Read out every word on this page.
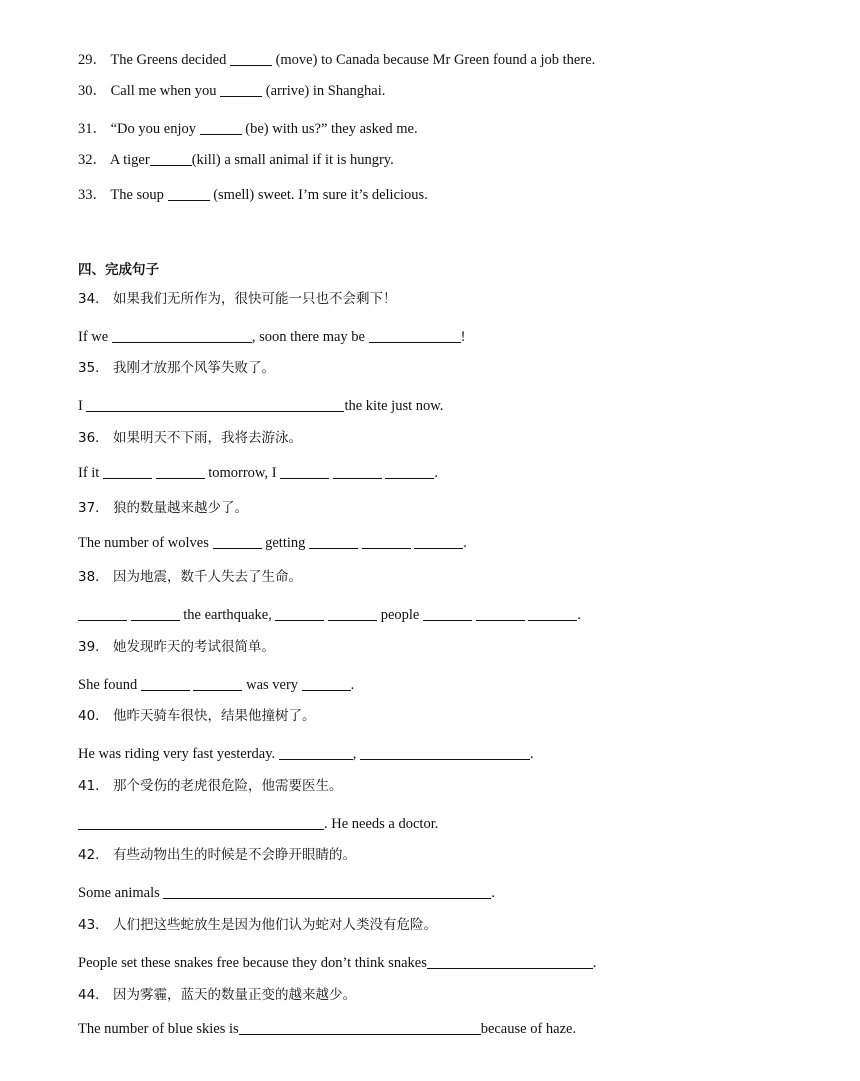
29． The Greens decided	(move) to Canada because Mr Green found a job there.
30． Call me when you	(arrive) in Shanghai.
31． “Do you enjoy	(be) with us?” they asked me.
32． A tiger	(kill) a small animal if it is hungry.
33． The soup	(smell) sweet. I’m sure it’s delicious.
四、完成句子
34． 如果我们无所作为，很快可能一只也不会剩下！
If we	, soon there may be	!
35． 我刚才放那个风筝失败了。
I	the kite just now.
36． 如果明天不下雨，我将去游泳。
If it	tomorrow, I	.
37． 狼的数量越来越少了。
The number of wolves	getting	.
38． 因为地震，数千人失去了生命。
the earthquake,	people	.
39． 她发现昨天的考试很简单。
She found	was very	.
40． 他昨天骑车很快，结果他撞树了。
He was riding very fast yesterday.	,	.
41． 那个受伤的老虎很危险，他需要医生。
. He needs a doctor.
42． 有些动物出生的时候是不会睁开眼睛的。
Some animals	.
43． 人们把这些蛇放生是因为他们认为蛇对人类没有危险。
People set these snakes free because they don’t think snakes	.
44． 因为雾霾，蓝天的数量正变的越来越少。
The number of blue skies is	because of haze.
